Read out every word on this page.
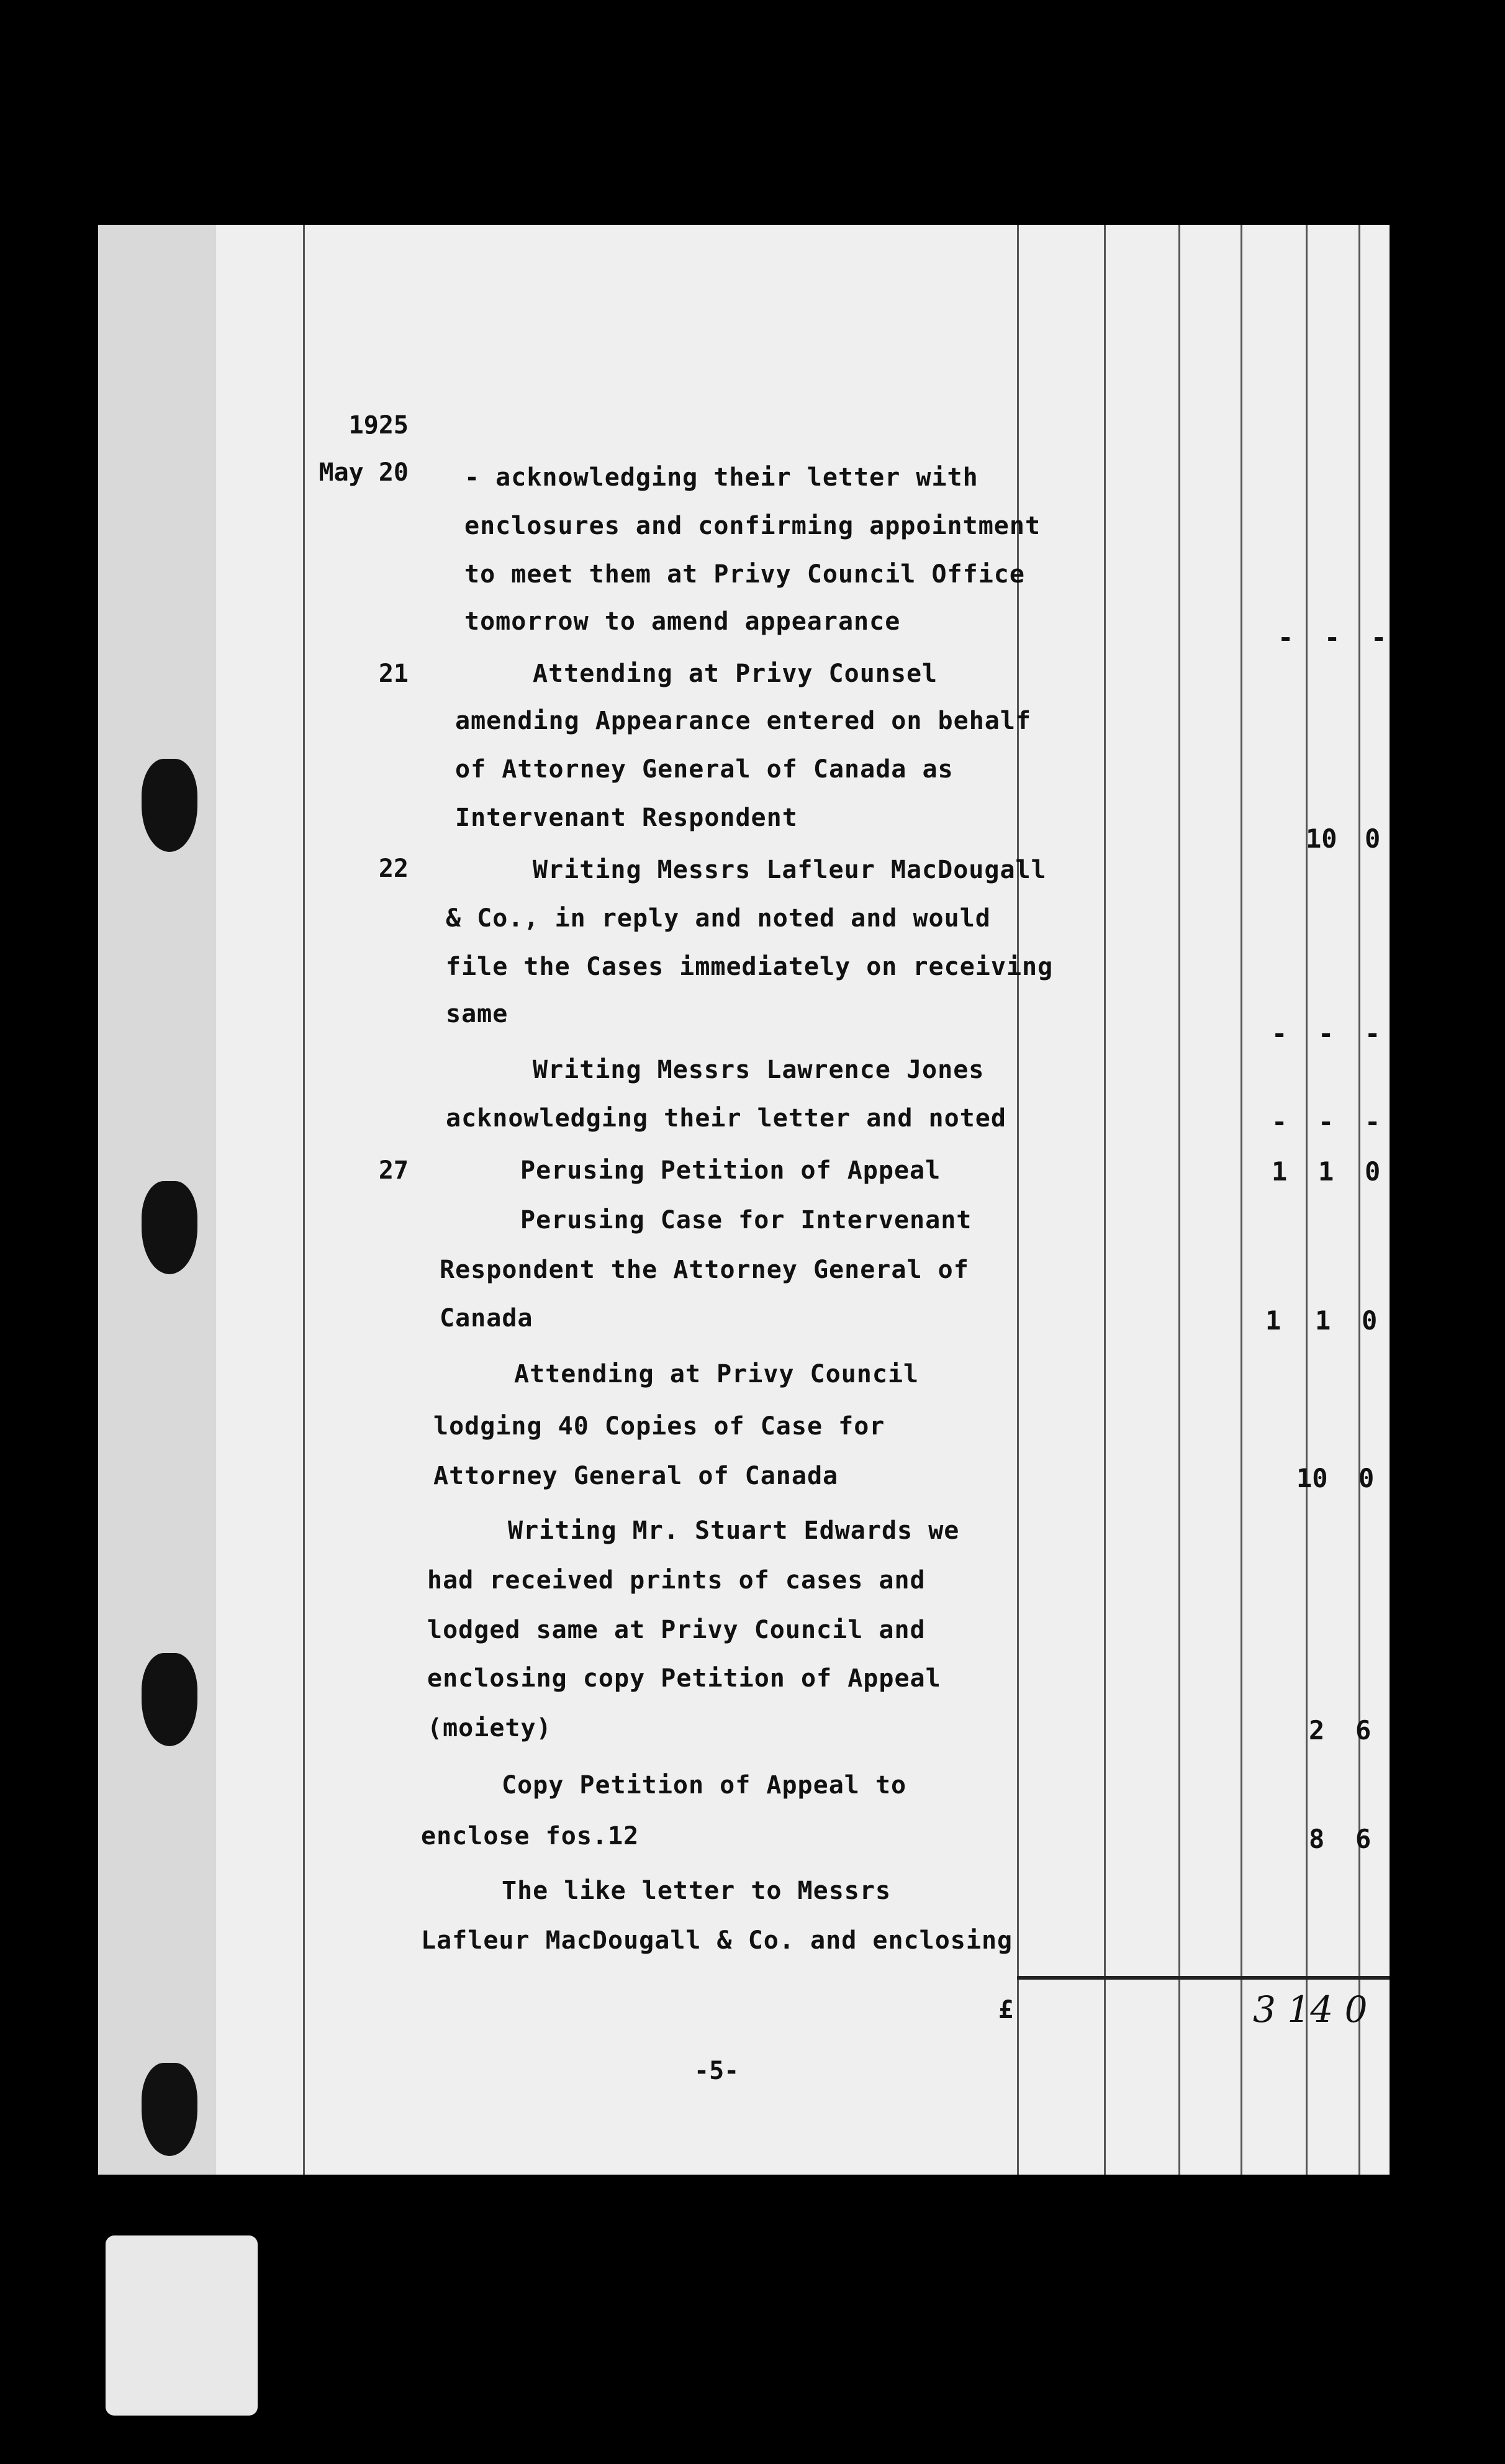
1925
May 20
21
22
27
- acknowledging their letter with
enclosures and confirming appointment
to meet them at Privy Council Office
tomorrow to amend appearance
Attending at Privy Counsel
amending Appearance entered on behalf
of Attorney General of Canada as
Intervenant Respondent
Writing Messrs Lafleur MacDougall
& Co., in reply and noted and would
file the Cases immediately on receiving
same
Writing Messrs Lawrence Jones
acknowledging their letter and noted
Perusing Petition of Appeal
Perusing Case for Intervenant
Respondent the Attorney General of
Canada
Attending at Privy Council
lodging 40 Copies of Case for
Attorney General of Canada
Writing Mr. Stuart Edwards we
had received prints of cases and
lodged same at Privy Council and
enclosing copy Petition of Appeal
(moiety)
Copy Petition of Appeal to
enclose fos.12
The like letter to Messrs
Lafleur MacDougall & Co. and enclosing
- - -
10 0
- - -
- - -
1 1 0
1 1 0
10 0
2 6
8 6
£	3 14 0
-5-
